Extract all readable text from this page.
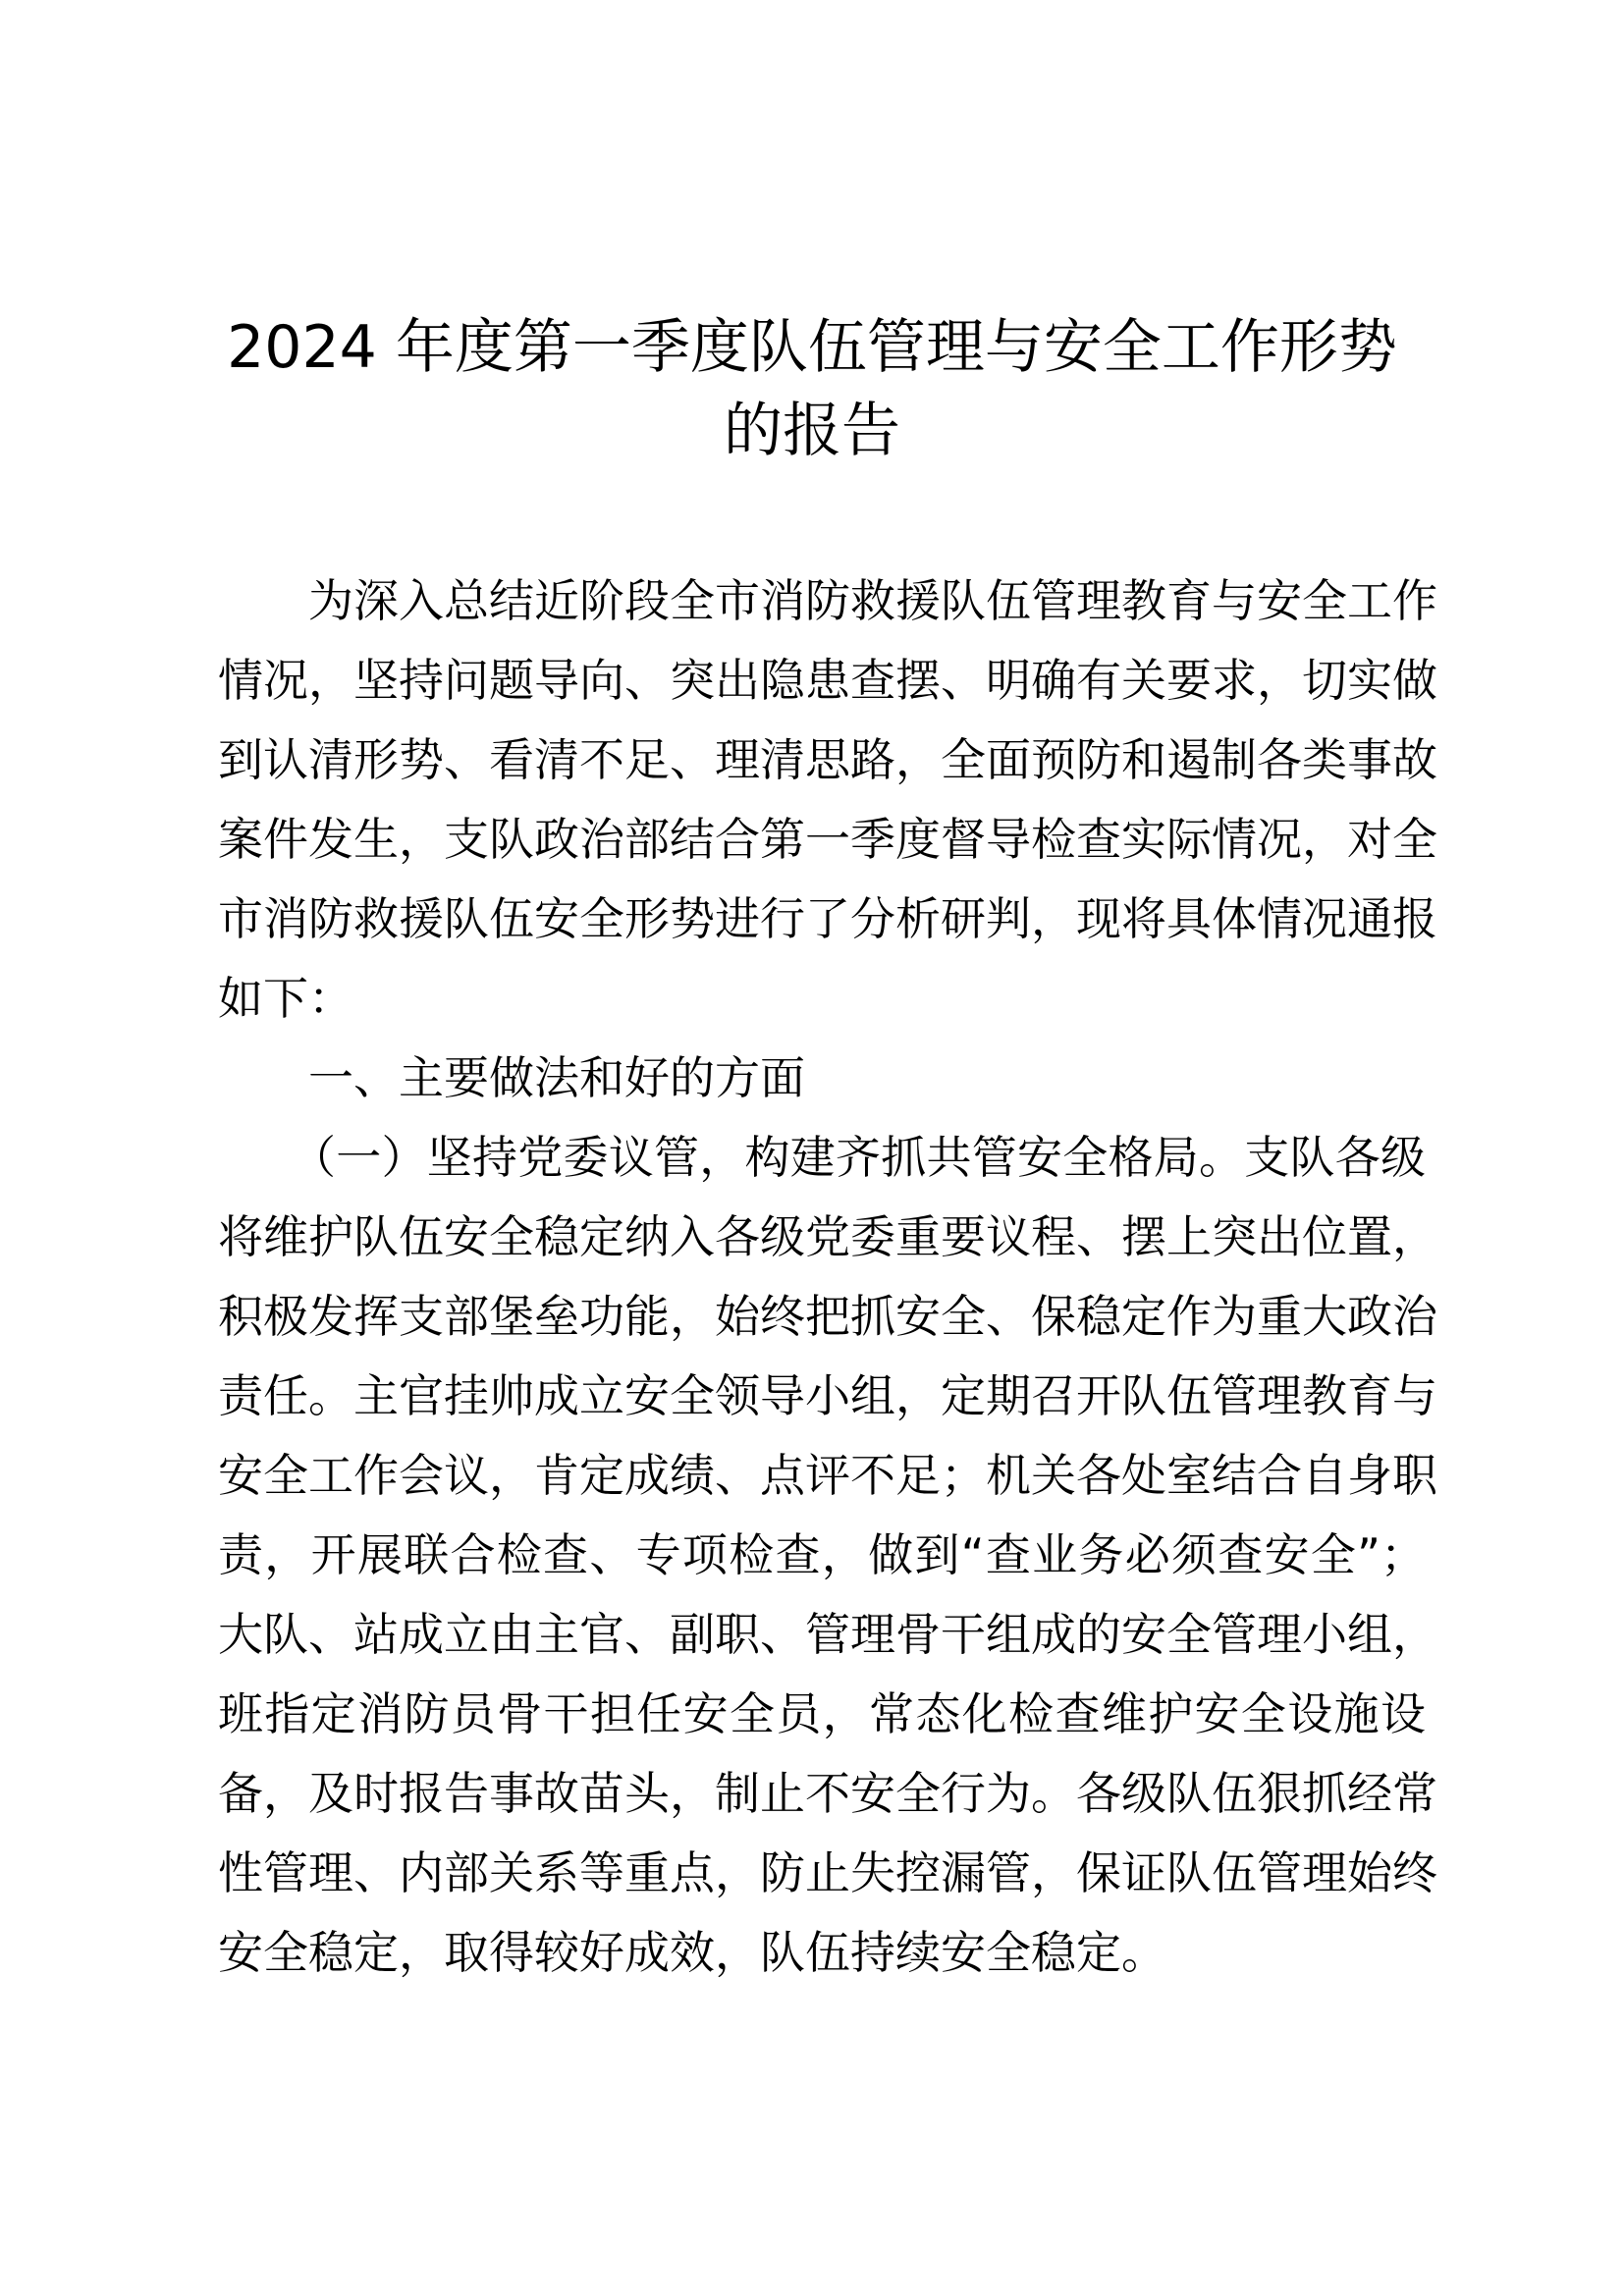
2024 年度第一季度队伍管理与安全工作形势
的报告
为深入总结近阶段全市消防救援队伍管理教育与安全工作
情况，坚持问题导向、突出隐患查摆、明确有关要求，切实做
到认清形势、看清不足、理清思路，全面预防和遏制各类事故
案件发生，支队政治部结合第一季度督导检查实际情况，对全
市消防救援队伍安全形势进行了分析研判，现将具体情况通报
如下：
一、主要做法和好的方面
（一）坚持党委议管，构建齐抓共管安全格局。支队各级
将维护队伍安全稳定纳入各级党委重要议程、摆上突出位置，
积极发挥支部堡垒功能，始终把抓安全、保稳定作为重大政治
责任。主官挂帅成立安全领导小组，定期召开队伍管理教育与
安全工作会议，肯定成绩、点评不足；机关各处室结合自身职
责，开展联合检查、专项检查，做到“查业务必须查安全”；
大队、站成立由主官、副职、管理骨干组成的安全管理小组，
班指定消防员骨干担任安全员，常态化检查维护安全设施设
备，及时报告事故苗头，制止不安全行为。各级队伍狠抓经常
性管理、内部关系等重点，防止失控漏管，保证队伍管理始终
安全稳定，取得较好成效，队伍持续安全稳定。
